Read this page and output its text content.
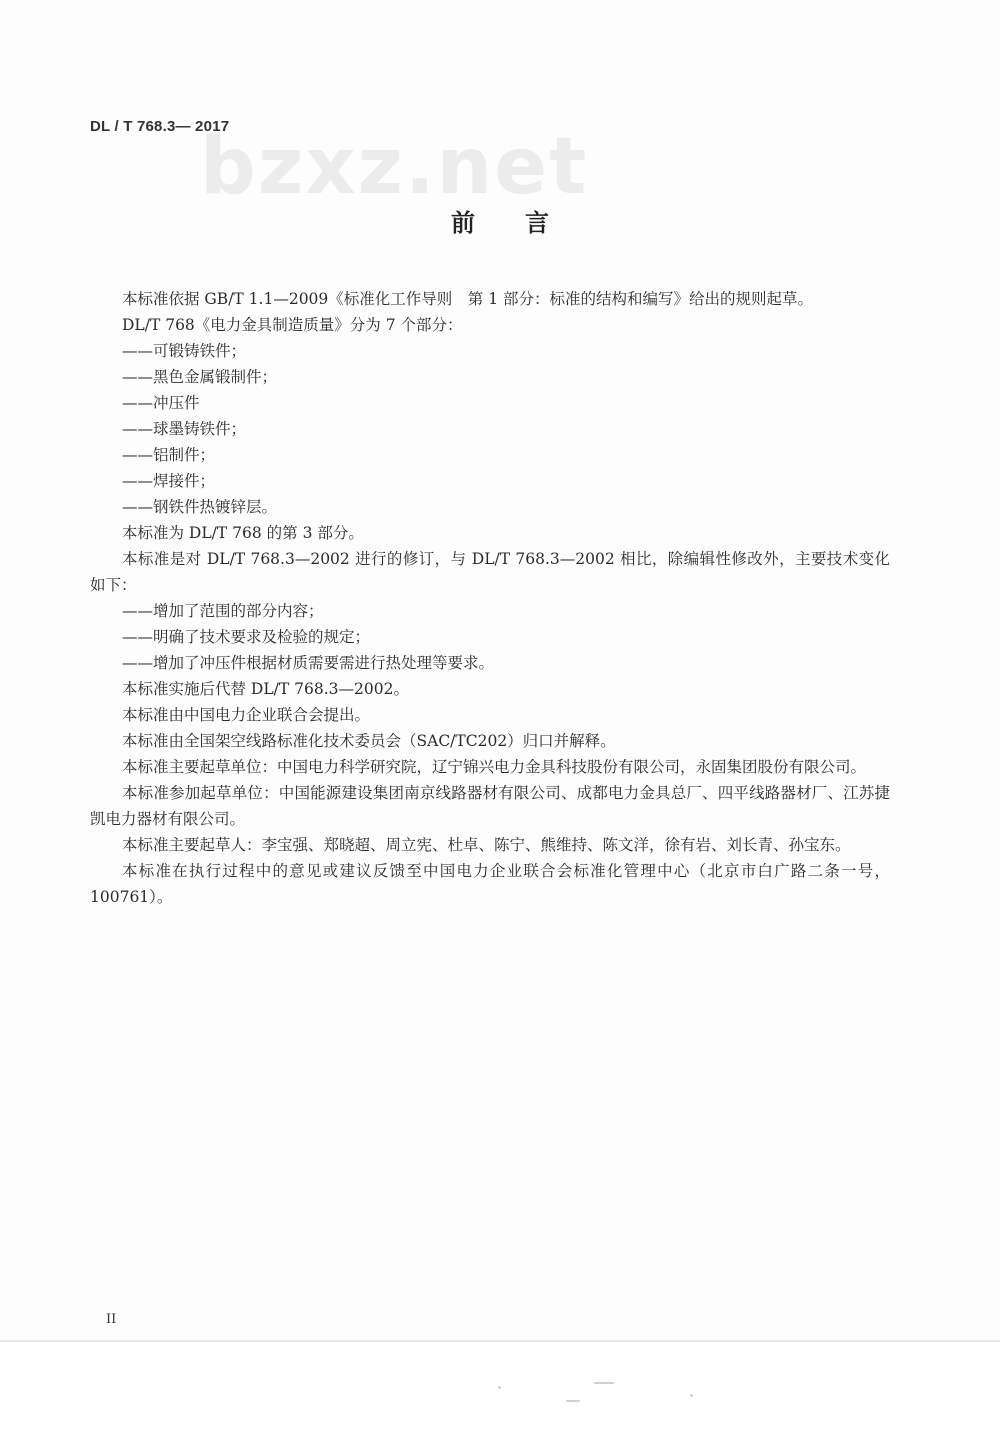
DL / T 768.3— 2017
bzxz.net
前言

本标准依据 GB/T 1.1—2009《标准化工作导则　第 1 部分：标准的结构和编写》给出的规则起草。

DL/T 768《电力金具制造质量》分为 7 个部分：

——可锻铸铁件；

——黑色金属锻制件；

——冲压件

——球墨铸铁件；

——铝制件；

——焊接件；

——钢铁件热镀锌层。

本标准为 DL/T 768 的第 3 部分。

本标准是对 DL/T 768.3—2002 进行的修订，与 DL/T 768.3—2002 相比，除编辑性修改外，主要技术变化如下：

——增加了范围的部分内容；

——明确了技术要求及检验的规定；

——增加了冲压件根据材质需要需进行热处理等要求。

本标准实施后代替 DL/T 768.3—2002。

本标准由中国电力企业联合会提出。

本标准由全国架空线路标准化技术委员会（SAC/TC202）归口并解释。

本标准主要起草单位：中国电力科学研究院，辽宁锦兴电力金具科技股份有限公司，永固集团股份有限公司。

本标准参加起草单位：中国能源建设集团南京线路器材有限公司、成都电力金具总厂、四平线路器材厂、江苏捷凯电力器材有限公司。

本标准主要起草人：李宝强、郑晓超、周立宪、杜卓、陈宁、熊维持、陈文洋，徐有岩、刘长青、孙宝东。

本标准在执行过程中的意见或建议反馈至中国电力企业联合会标准化管理中心（北京市白广路二条一号，100761）。

II
